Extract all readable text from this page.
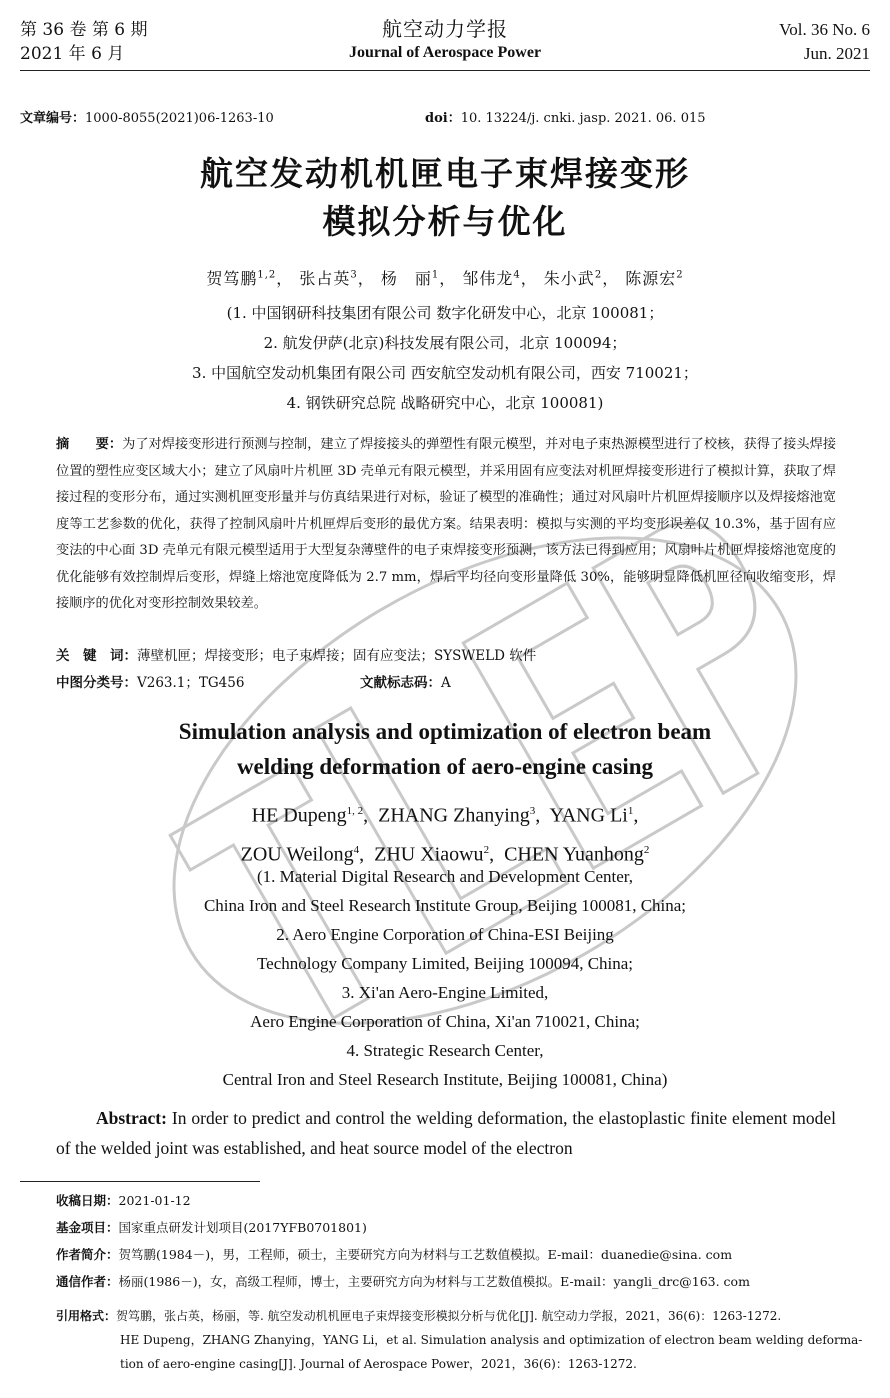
第 36 卷 第 6 期
2021 年 6 月
航空动力学报
Journal of Aerospace Power
Vol. 36 No. 6
Jun. 2021
文章编号：1000-8055(2021)06-1263-10	doi：10. 13224/j. cnki. jasp. 2021. 06. 015
航空发动机机匣电子束焊接变形
模拟分析与优化
贺笃鹏$^{1,2}$， 张占英$^3$， 杨　丽$^1$， 邹伟龙$^4$， 朱小武$^2$， 陈源宏$^2$
(1. 中国钢研科技集团有限公司 数字化研发中心，北京 100081；
2. 航发伊萨(北京)科技发展有限公司，北京 100094；
3. 中国航空发动机集团有限公司 西安航空发动机有限公司，西安 710021；
4. 钢铁研究总院 战略研究中心，北京 100081)
摘　　要：为了对焊接变形进行预测与控制，建立了焊接接头的弹塑性有限元模型，并对电子束热源模型进行了校核，获得了接头焊接位置的塑性应变区域大小；建立了风扇叶片机匣 3D 壳单元有限元模型，并采用固有应变法对机匣焊接变形进行了模拟计算，获取了焊接过程的变形分布，通过实测机匣变形量并与仿真结果进行对标，验证了模型的准确性；通过对风扇叶片机匣焊接顺序以及焊接熔池宽度等工艺参数的优化，获得了控制风扇叶片机匣焊后变形的最优方案。结果表明：模拟与实测的平均变形误差仅 10.3%，基于固有应变法的中心面 3D 壳单元有限元模型适用于大型复杂薄壁件的电子束焊接变形预测，该方法已得到应用；风扇叶片机匣焊接熔池宽度的优化能够有效控制焊后变形，焊缝上熔池宽度降低为 2.7 mm，焊后平均径向变形量降低 30%，能够明显降低机匣径向收缩变形，焊接顺序的优化对变形控制效果较差。
关　键　词：薄壁机匣；焊接变形；电子束焊接；固有应变法；SYSWELD 软件
中图分类号：V263.1；TG456	文献标志码：A
Simulation analysis and optimization of electron beam
welding deformation of aero-engine casing
HE Dupeng$^{1, 2}$,  ZHANG Zhanying$^3$,  YANG Li$^1$,
ZOU Weilong$^4$,  ZHU Xiaowu$^2$,  CHEN Yuanhong$^2$
(1. Material Digital Research and Development Center,
China Iron and Steel Research Institute Group, Beijing 100081, China;
2. Aero Engine Corporation of China-ESI Beijing
Technology Company Limited, Beijing 100094, China;
3. Xi'an Aero-Engine Limited,
Aero Engine Corporation of China, Xi'an 710021, China;
4. Strategic Research Center,
Central Iron and Steel Research Institute, Beijing 100081, China)
Abstract: In order to predict and control the welding deformation, the elastoplastic finite element model of the welded joint was established, and heat source model of the electron
收稿日期：2021-01-12
基金项目：国家重点研发计划项目(2017YFB0701801)
作者简介：贺笃鹏(1984－)，男，工程师，硕士，主要研究方向为材料与工艺数值模拟。E-mail：duanedie@sina. com
通信作者：杨丽(1986－)，女，高级工程师，博士，主要研究方向为材料与工艺数值模拟。E-mail：yangli_drc@163. com
引用格式：贺笃鹏，张占英，杨丽，等. 航空发动机机匣电子束焊接变形模拟分析与优化[J]. 航空动力学报，2021，36(6)：1263-1272.
HE Dupeng，ZHANG Zhanying，YANG Li，et al. Simulation analysis and optimization of electron beam welding deforma-
tion of aero-engine casing[J]. Journal of Aerospace Power，2021，36(6)：1263-1272.
